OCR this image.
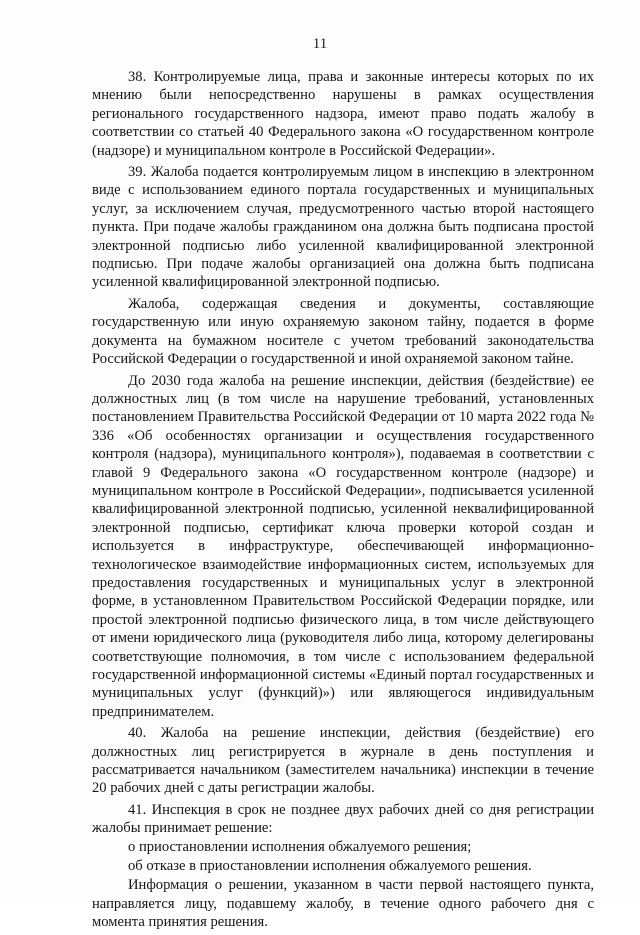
11

38. Контролируемые лица, права и законные интересы которых по их мнению были непосредственно нарушены в рамках осуществления регионального государственного надзора, имеют право подать жалобу в соответствии со статьей 40 Федерального закона «О государственном контроле (надзоре) и муниципальном контроле в Российской Федерации».

39. Жалоба подается контролируемым лицом в инспекцию в электронном виде с использованием единого портала государственных и муниципальных услуг, за исключением случая, предусмотренного частью второй настоящего пункта. При подаче жалобы гражданином она должна быть подписана простой электронной подписью либо усиленной квалифицированной электронной подписью. При подаче жалобы организацией она должна быть подписана усиленной квалифицированной электронной подписью.

Жалоба, содержащая сведения и документы, составляющие государственную или иную охраняемую законом тайну, подается в форме документа на бумажном носителе с учетом требований законодательства Российской Федерации о государственной и иной охраняемой законом тайне.

До 2030 года жалоба на решение инспекции, действия (бездействие) ее должностных лиц (в том числе на нарушение требований, установленных постановлением Правительства Российской Федерации от 10 марта 2022 года № 336 «Об особенностях организации и осуществления государственного контроля (надзора), муниципального контроля»), подаваемая в соответствии с главой 9 Федерального закона «О государственном контроле (надзоре) и муниципальном контроле в Российской Федерации», подписывается усиленной квалифицированной электронной подписью, усиленной неквалифицированной электронной подписью, сертификат ключа проверки которой создан и используется в инфраструктуре, обеспечивающей информационно-технологическое взаимодействие информационных систем, используемых для предоставления государственных и муниципальных услуг в электронной форме, в установленном Правительством Российской Федерации порядке, или простой электронной подписью физического лица, в том числе действующего от имени юридического лица (руководителя либо лица, которому делегированы соответствующие полномочия, в том числе с использованием федеральной государственной информационной системы «Единый портал государственных и муниципальных услуг (функций)») или являющегося индивидуальным предпринимателем.

40. Жалоба на решение инспекции, действия (бездействие) его должностных лиц регистрируется в журнале в день поступления и рассматривается начальником (заместителем начальника) инспекции в течение 20 рабочих дней с даты регистрации жалобы.

41. Инспекция в срок не позднее двух рабочих дней со дня регистрации жалобы принимает решение:

о приостановлении исполнения обжалуемого решения;

об отказе в приостановлении исполнения обжалуемого решения.

Информация о решении, указанном в части первой настоящего пункта, направляется лицу, подавшему жалобу, в течение одного рабочего дня с момента принятия решения.
